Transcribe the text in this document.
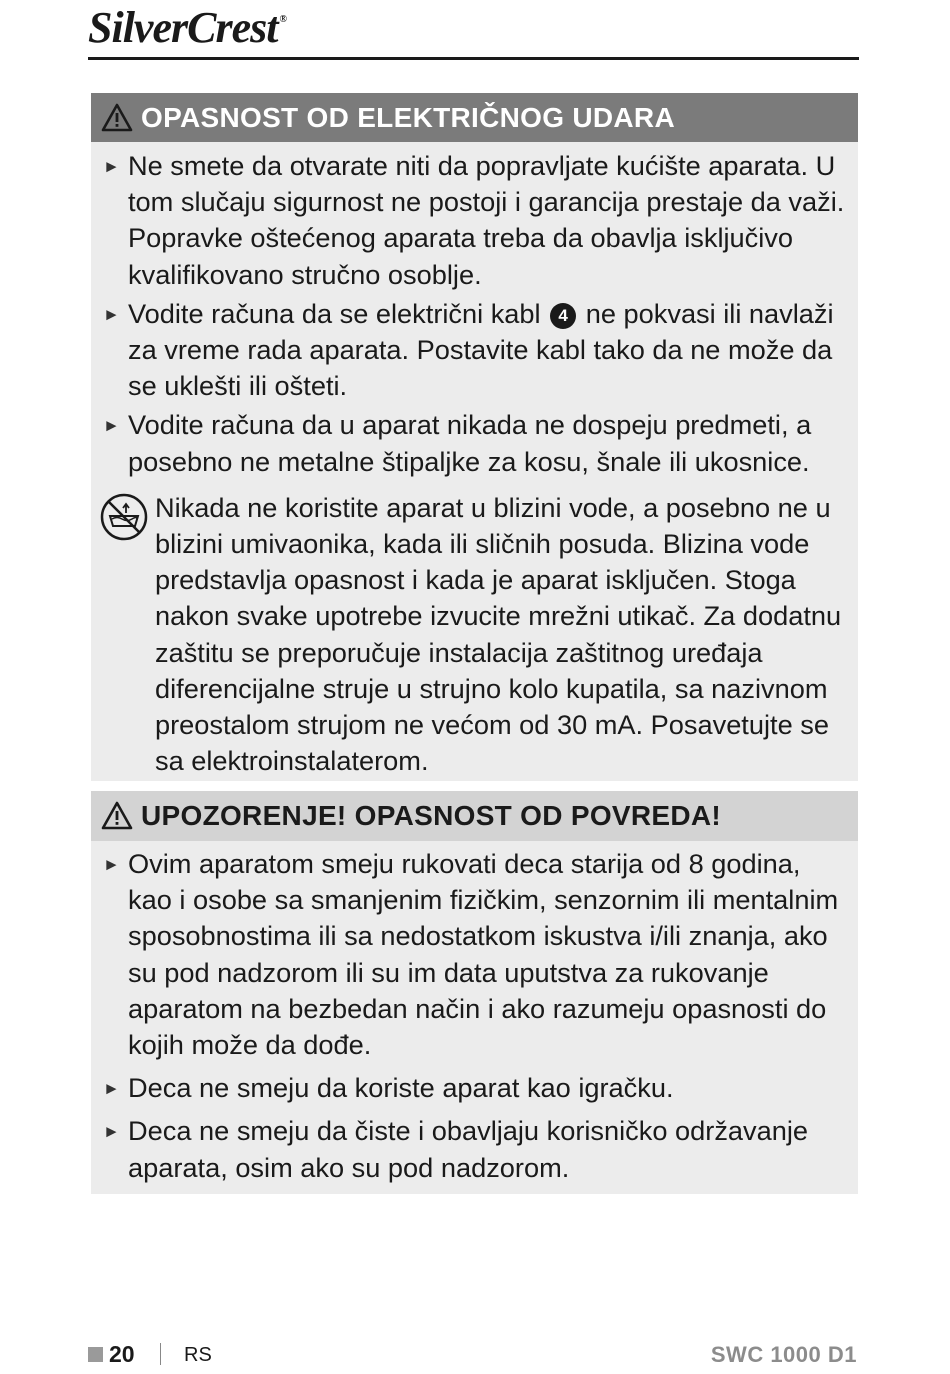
SilverCrest ®
OPASNOST OD ELEKTRIČNOG UDARA
► Ne smete da otvarate niti da popravljate kućište aparata. U tom slučaju sigurnost ne postoji i garancija prestaje da važi. Popravke oštećenog aparata treba da obavlja isključivo kvalifikovano stručno osoblje.
► Vodite računa da se električni kabl 4 ne pokvasi ili navlaži za vreme rada aparata. Postavite kabl tako da ne može da se uklešti ili ošteti.
► Vodite računa da u aparat nikada ne dospeju predmeti, a posebno ne metalne štipaljke za kosu, šnale ili ukosnice.
Nikada ne koristite aparat u blizini vode, a posebno ne u blizini umivaonika, kada ili sličnih posuda. Blizina vode predstavlja opasnost i kada je aparat isključen. Stoga nakon svake upotrebe izvucite mrežni utikač. Za dodatnu zaštitu se preporučuje instalacija zaštitnog uređaja diferencijalne struje u strujno kolo kupatila, sa nazivnom preostalom strujom ne većom od 30 mA. Posavetujte se sa elektroinstalaterom.
UPOZORENJE! OPASNOST OD POVREDA!
► Ovim aparatom smeju rukovati deca starija od 8 godina, kao i osobe sa smanjenim fizičkim, senzornim ili mentalnim sposobnostima ili sa nedostatkom iskustva i/ili znanja, ako su pod nadzorom ili su im data uputstva za rukovanje aparatom na bezbedan način i ako razumeju opasnosti do kojih može da dođe.
► Deca ne smeju da koriste aparat kao igračku.
► Deca ne smeju da čiste i obavljaju korisničko održavanje aparata, osim ako su pod nadzorom.
20 RS	SWC 1000 D1
